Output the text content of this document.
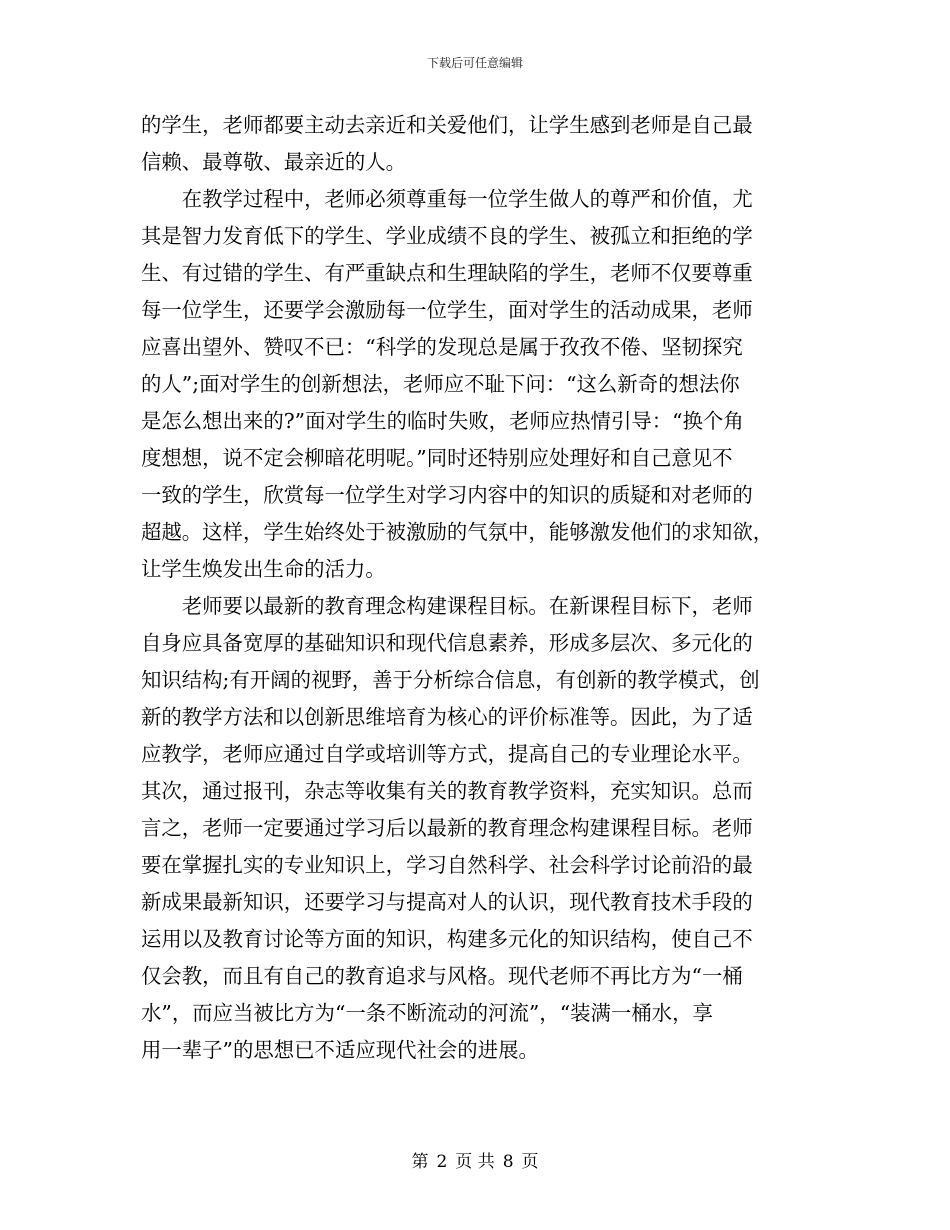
下载后可任意编辑
的学生，老师都要主动去亲近和关爱他们，让学生感到老师是自己最
信赖、最尊敬、最亲近的人。
　　在教学过程中，老师必须尊重每一位学生做人的尊严和价值，尤
其是智力发育低下的学生、学业成绩不良的学生、被孤立和拒绝的学
生、有过错的学生、有严重缺点和生理缺陷的学生，老师不仅要尊重
每一位学生，还要学会激励每一位学生，面对学生的活动成果，老师
应喜出望外、赞叹不已：“科学的发现总是属于孜孜不倦、坚韧探究
的人”;面对学生的创新想法，老师应不耻下问：“这么新奇的想法你
是怎么想出来的?”面对学生的临时失败，老师应热情引导：“换个角
度想想，说不定会柳暗花明呢。”同时还特别应处理好和自己意见不
一致的学生，欣赏每一位学生对学习内容中的知识的质疑和对老师的
超越。这样，学生始终处于被激励的气氛中，能够激发他们的求知欲，
让学生焕发出生命的活力。
　　老师要以最新的教育理念构建课程目标。在新课程目标下，老师
自身应具备宽厚的基础知识和现代信息素养，形成多层次、多元化的
知识结构;有开阔的视野，善于分析综合信息，有创新的教学模式，创
新的教学方法和以创新思维培育为核心的评价标准等。因此，为了适
应教学，老师应通过自学或培训等方式，提高自己的专业理论水平。
其次，通过报刊，杂志等收集有关的教育教学资料，充实知识。总而
言之，老师一定要通过学习后以最新的教育理念构建课程目标。老师
要在掌握扎实的专业知识上，学习自然科学、社会科学讨论前沿的最
新成果最新知识，还要学习与提高对人的认识，现代教育技术手段的
运用以及教育讨论等方面的知识，构建多元化的知识结构，使自己不
仅会教，而且有自己的教育追求与风格。现代老师不再比方为“一桶
水”，而应当被比方为“一条不断流动的河流”，“装满一桶水，享
用一辈子”的思想已不适应现代社会的进展。
第 2 页 共 8 页
